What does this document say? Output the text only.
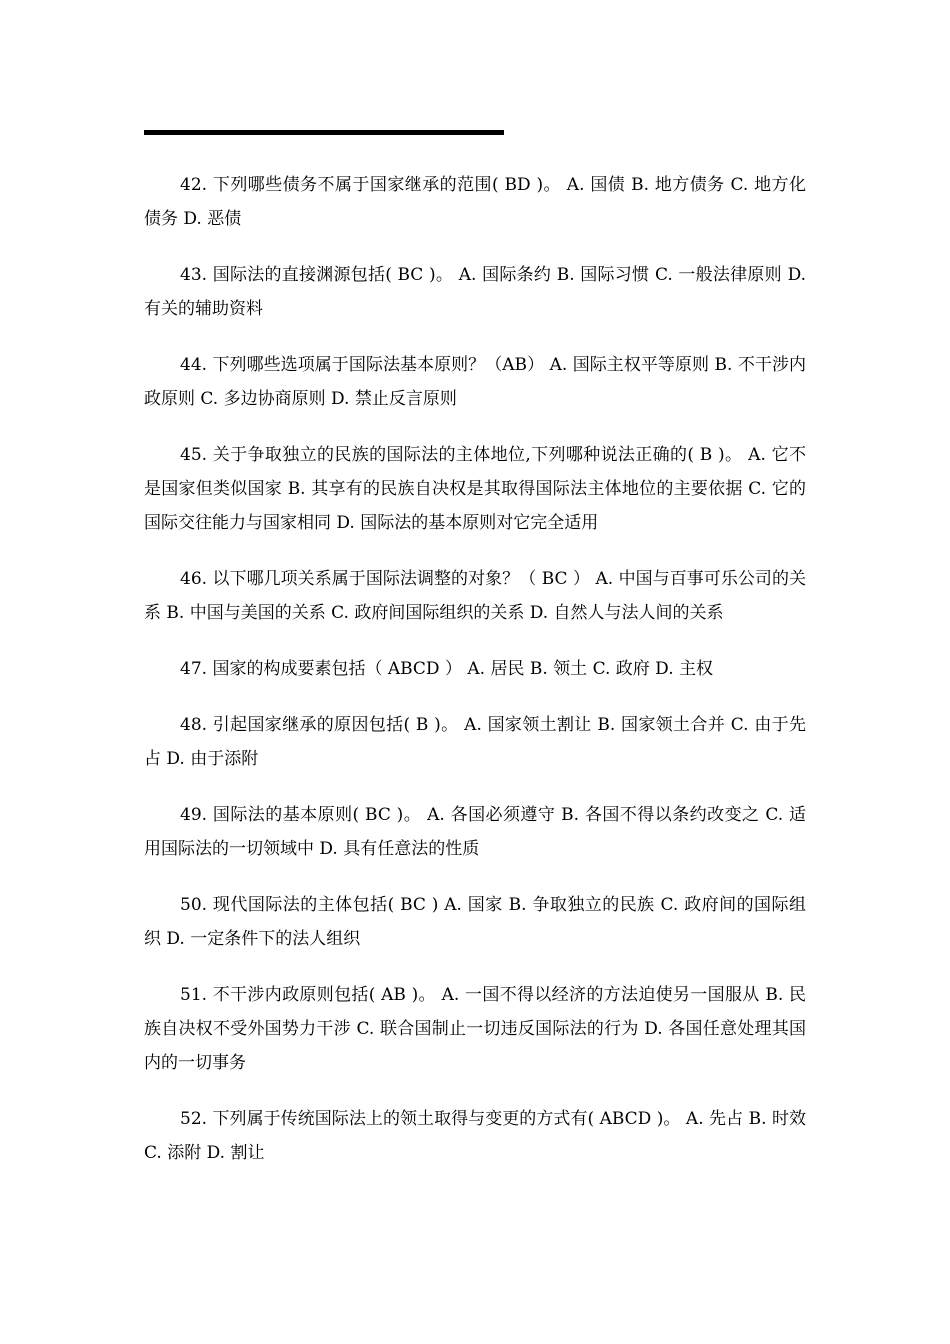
42. 下列哪些债务不属于国家继承的范围( BD )。 A. 国债 B. 地方债务 C. 地方化债务 D. 恶债

43. 国际法的直接渊源包括( BC )。 A. 国际条约 B. 国际习惯 C. 一般法律原则 D. 有关的辅助资料

44. 下列哪些选项属于国际法基本原则？（AB） A. 国际主权平等原则 B. 不干涉内政原则 C. 多边协商原则 D. 禁止反言原则

45. 关于争取独立的民族的国际法的主体地位,下列哪种说法正确的( B )。 A. 它不是国家但类似国家 B. 其享有的民族自决权是其取得国际法主体地位的主要依据 C. 它的国际交往能力与国家相同 D. 国际法的基本原则对它完全适用

46. 以下哪几项关系属于国际法调整的对象？（ BC ） A. 中国与百事可乐公司的关系 B. 中国与美国的关系 C. 政府间国际组织的关系 D. 自然人与法人间的关系

47. 国家的构成要素包括（ ABCD ） A. 居民 B. 领土 C. 政府 D. 主权

48. 引起国家继承的原因包括( B )。 A. 国家领土割让 B. 国家领土合并 C. 由于先占 D. 由于添附

49. 国际法的基本原则( BC )。 A. 各国必须遵守 B. 各国不得以条约改变之 C. 适用国际法的一切领域中 D. 具有任意法的性质

50. 现代国际法的主体包括( BC ) A. 国家 B. 争取独立的民族 C. 政府间的国际组织 D. 一定条件下的法人组织

51. 不干涉内政原则包括( AB )。 A. 一国不得以经济的方法迫使另一国服从 B. 民族自决权不受外国势力干涉 C. 联合国制止一切违反国际法的行为 D. 各国任意处理其国内的一切事务

52. 下列属于传统国际法上的领土取得与变更的方式有( ABCD )。 A. 先占 B. 时效 C. 添附 D. 割让
